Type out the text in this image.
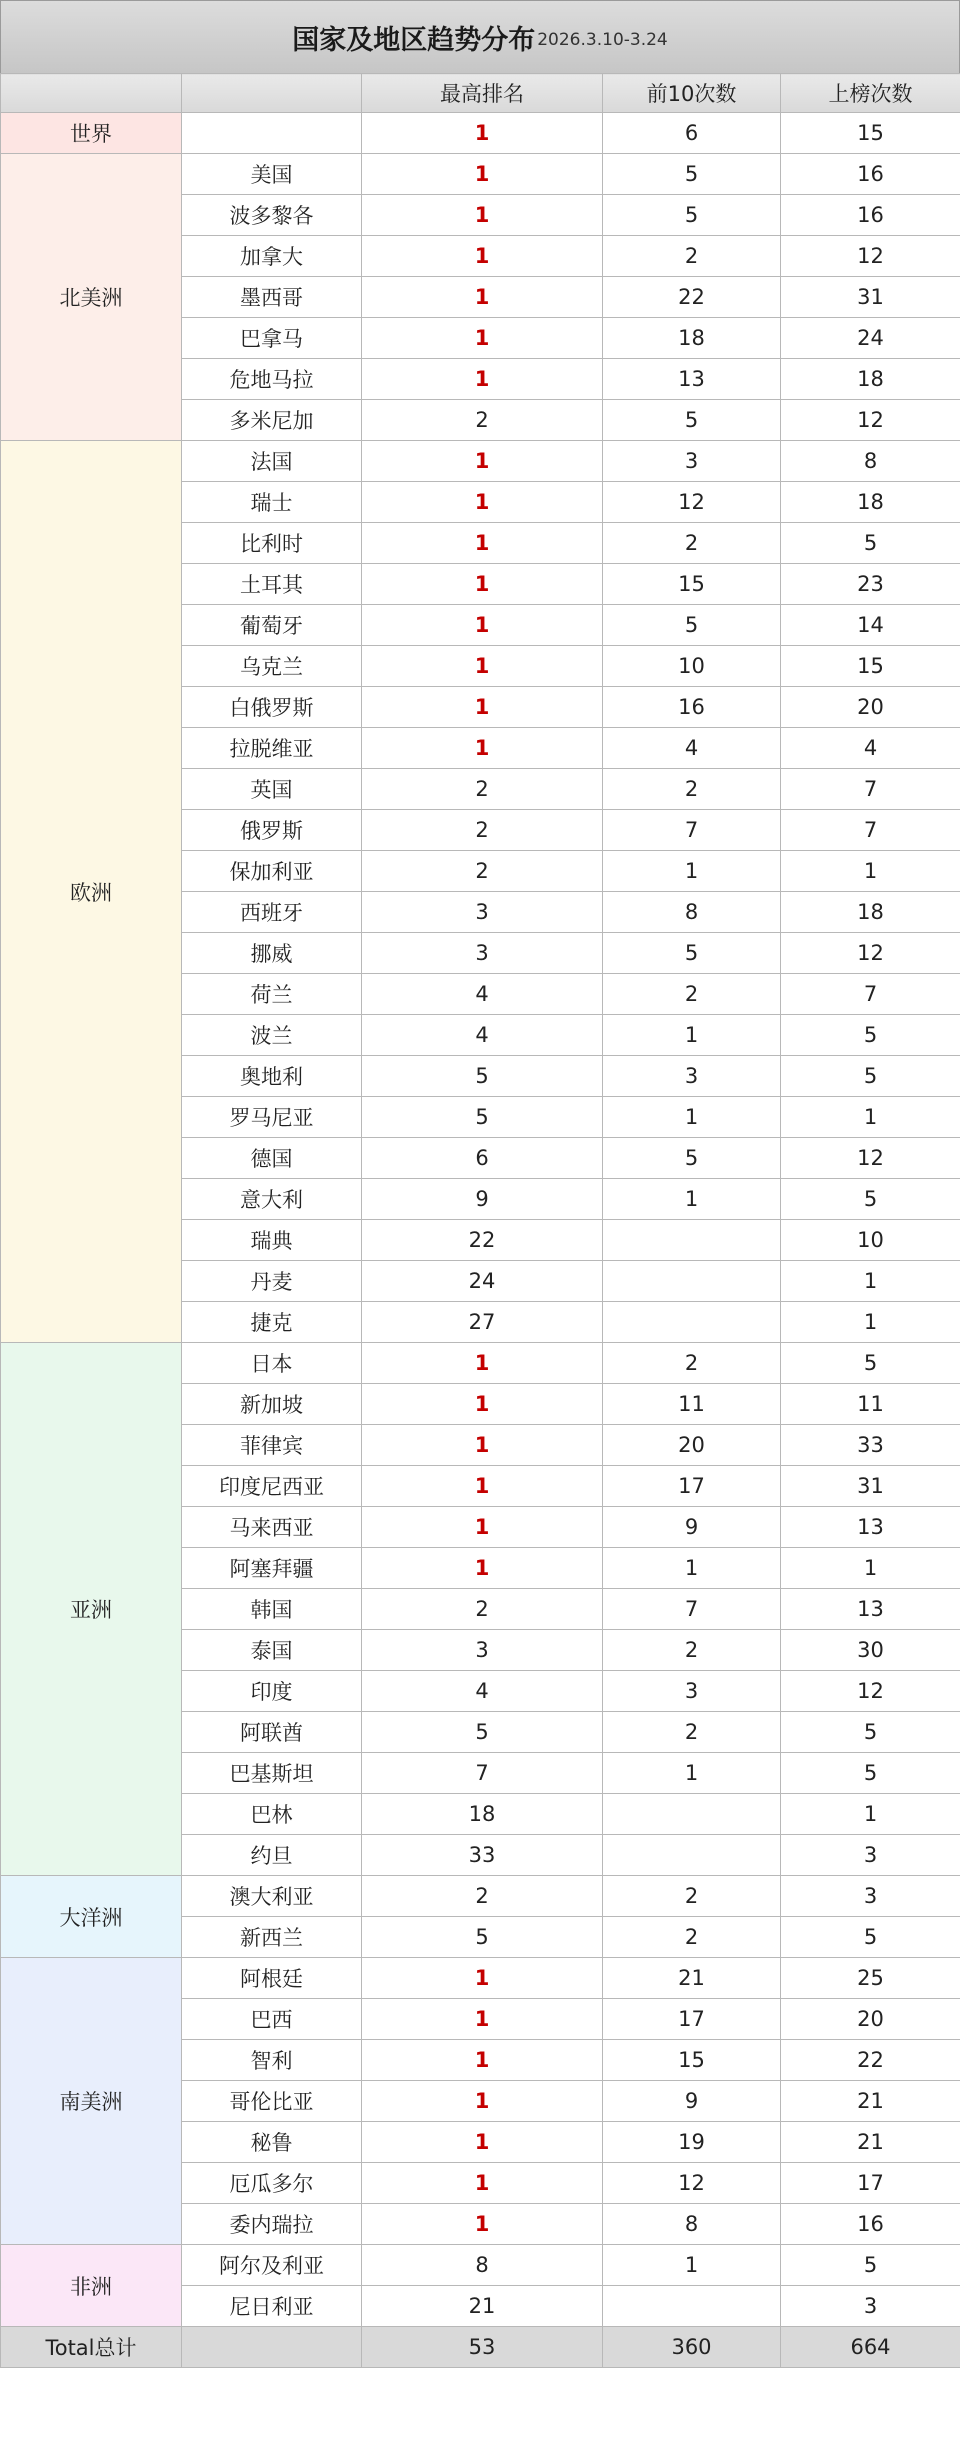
国家及地区趋势分布 2026.3.10-3.24
		最高排名	前10次数	上榜次数
世界		1	6	15
北美洲	美国	1	5	16
	波多黎各	1	5	16
	加拿大	1	2	12
	墨西哥	1	22	31
	巴拿马	1	18	24
	危地马拉	1	13	18
	多米尼加	2	5	12
欧洲	法国	1	3	8
	瑞士	1	12	18
	比利时	1	2	5
	土耳其	1	15	23
	葡萄牙	1	5	14
	乌克兰	1	10	15
	白俄罗斯	1	16	20
	拉脱维亚	1	4	4
	英国	2	2	7
	俄罗斯	2	7	7
	保加利亚	2	1	1
	西班牙	3	8	18
	挪威	3	5	12
	荷兰	4	2	7
	波兰	4	1	5
	奥地利	5	3	5
	罗马尼亚	5	1	1
	德国	6	5	12
	意大利	9	1	5
	瑞典	22		10
	丹麦	24		1
	捷克	27		1
亚洲	日本	1	2	5
	新加坡	1	11	11
	菲律宾	1	20	33
	印度尼西亚	1	17	31
	马来西亚	1	9	13
	阿塞拜疆	1	1	1
	韩国	2	7	13
	泰国	3	2	30
	印度	4	3	12
	阿联酋	5	2	5
	巴基斯坦	7	1	5
	巴林	18		1
	约旦	33		3
大洋洲	澳大利亚	2	2	3
	新西兰	5	2	5
南美洲	阿根廷	1	21	25
	巴西	1	17	20
	智利	1	15	22
	哥伦比亚	1	9	21
	秘鲁	1	19	21
	厄瓜多尔	1	12	17
	委内瑞拉	1	8	16
非洲	阿尔及利亚	8	1	5
	尼日利亚	21		3
Total总计		53	360	664
